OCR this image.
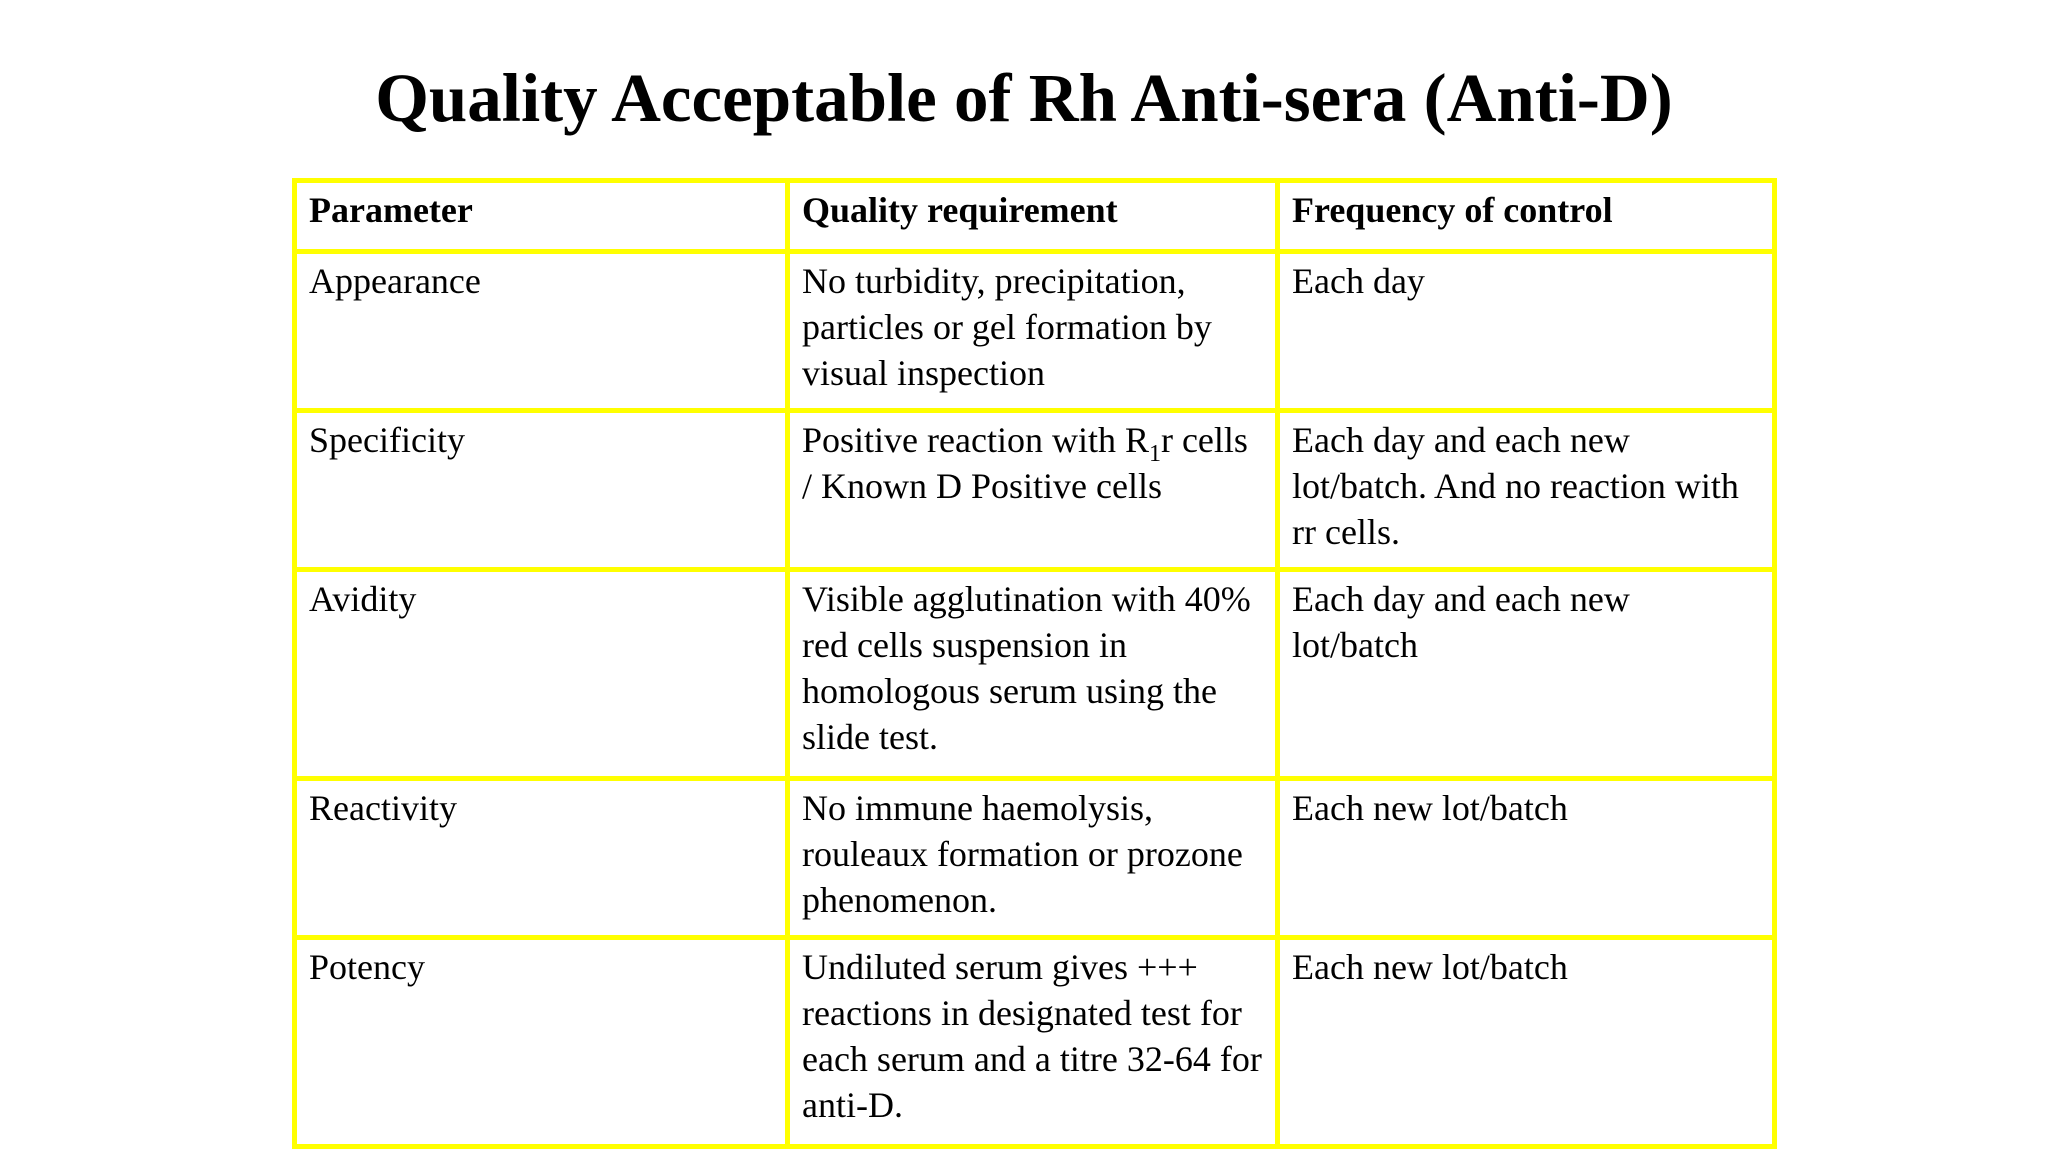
Quality Acceptable of Rh Anti-sera (Anti-D)
Parameter	Quality requirement	Frequency of control
Appearance	No turbidity, precipitation, particles or gel formation by visual inspection	Each day
Specificity	Positive reaction with $R_1r$ cells / Known D Positive cells	Each day and each new lot/batch. And no reaction with rr cells.
Avidity	Visible agglutination with 40% red cells suspension in homologous serum using the slide test.	Each day and each new lot/batch
Reactivity	No immune haemolysis, rouleaux formation or prozone phenomenon.	Each new lot/batch
Potency	Undiluted serum gives +++ reactions in designated test for each serum and a titre 32-64 for anti-D.	Each new lot/batch
